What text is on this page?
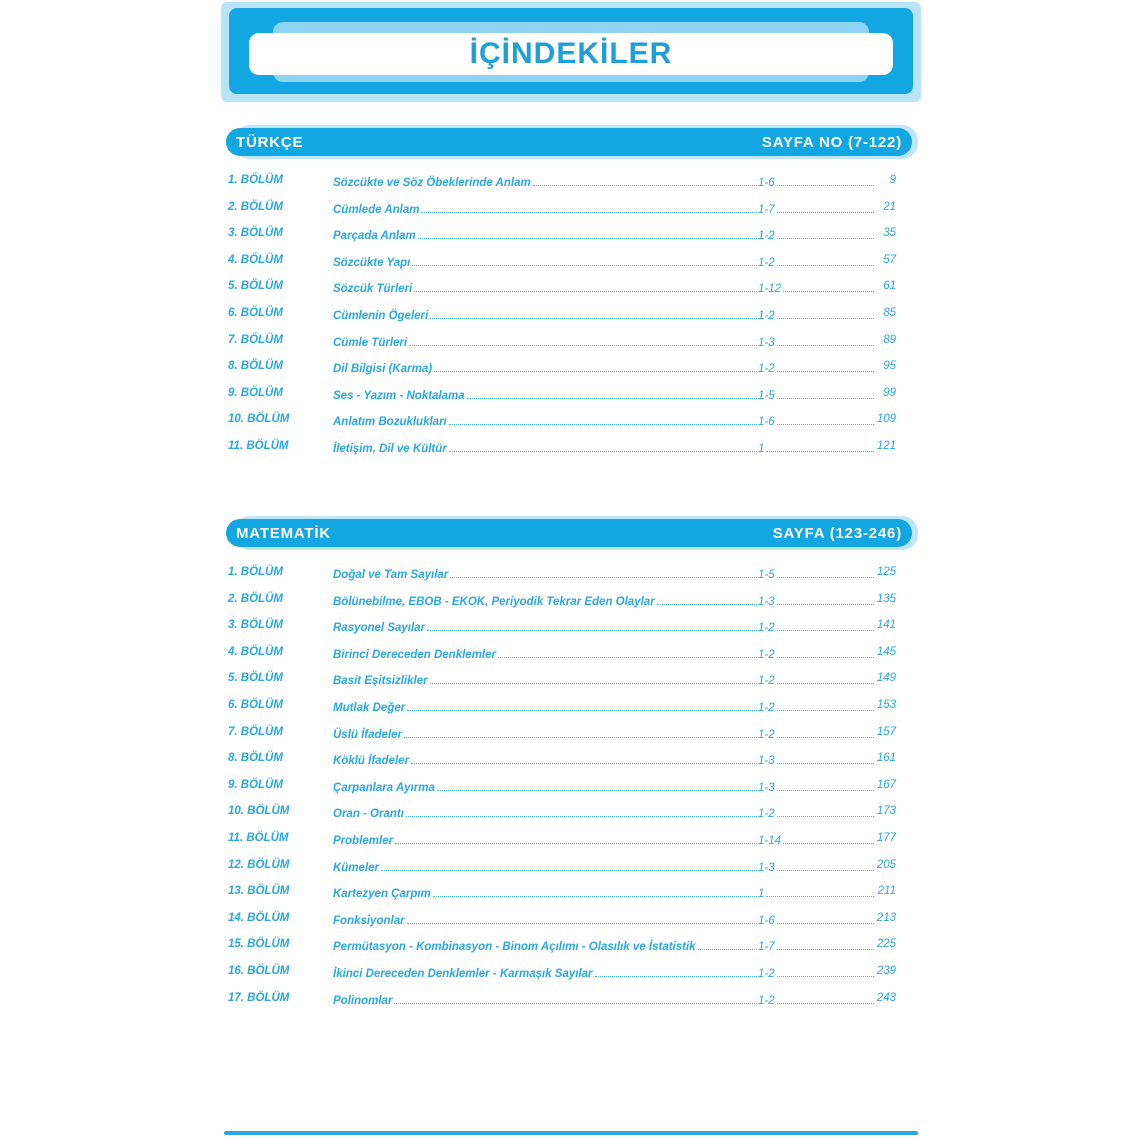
İÇİNDEKİLER
TÜRKÇE	SAYFA NO (7-122)
1. BÖLÜM	Sözcükte ve Söz Öbeklerinde Anlam	1-6	9
2. BÖLÜM	Cümlede Anlam	1-7	21
3. BÖLÜM	Parçada Anlam	1-2	35
4. BÖLÜM	Sözcükte Yapı	1-2	57
5. BÖLÜM	Sözcük Türleri	1-12	61
6. BÖLÜM	Cümlenin Ögeleri	1-2	85
7. BÖLÜM	Cümle Türleri	1-3	89
8. BÖLÜM	Dil Bilgisi (Karma)	1-2	95
9. BÖLÜM	Ses - Yazım - Noktalama	1-5	99
10. BÖLÜM	Anlatım Bozuklukları	1-6	109
11. BÖLÜM	İletişim, Dil ve Kültür	1	121
MATEMATİK	SAYFA (123-246)
1. BÖLÜM	Doğal ve Tam Sayılar	1-5	125
2. BÖLÜM	Bölünebilme, EBOB - EKOK, Periyodik Tekrar Eden Olaylar	1-3	135
3. BÖLÜM	Rasyonel Sayılar	1-2	141
4. BÖLÜM	Birinci Dereceden Denklemler	1-2	145
5. BÖLÜM	Basit Eşitsizlikler	1-2	149
6. BÖLÜM	Mutlak Değer	1-2	153
7. BÖLÜM	Üslü İfadeler	1-2	157
8. BÖLÜM	Köklü İfadeler	1-3	161
9. BÖLÜM	Çarpanlara Ayırma	1-3	167
10. BÖLÜM	Oran - Orantı	1-2	173
11. BÖLÜM	Problemler	1-14	177
12. BÖLÜM	Kümeler	1-3	205
13. BÖLÜM	Kartezyen Çarpım	1	211
14. BÖLÜM	Fonksiyonlar	1-6	213
15. BÖLÜM	Permütasyon - Kombinasyon - Binom Açılımı - Olasılık ve İstatistik	1-7	225
16. BÖLÜM	İkinci Dereceden Denklemler - Karmaşık Sayılar	1-2	239
17. BÖLÜM	Polinomlar	1-2	243
